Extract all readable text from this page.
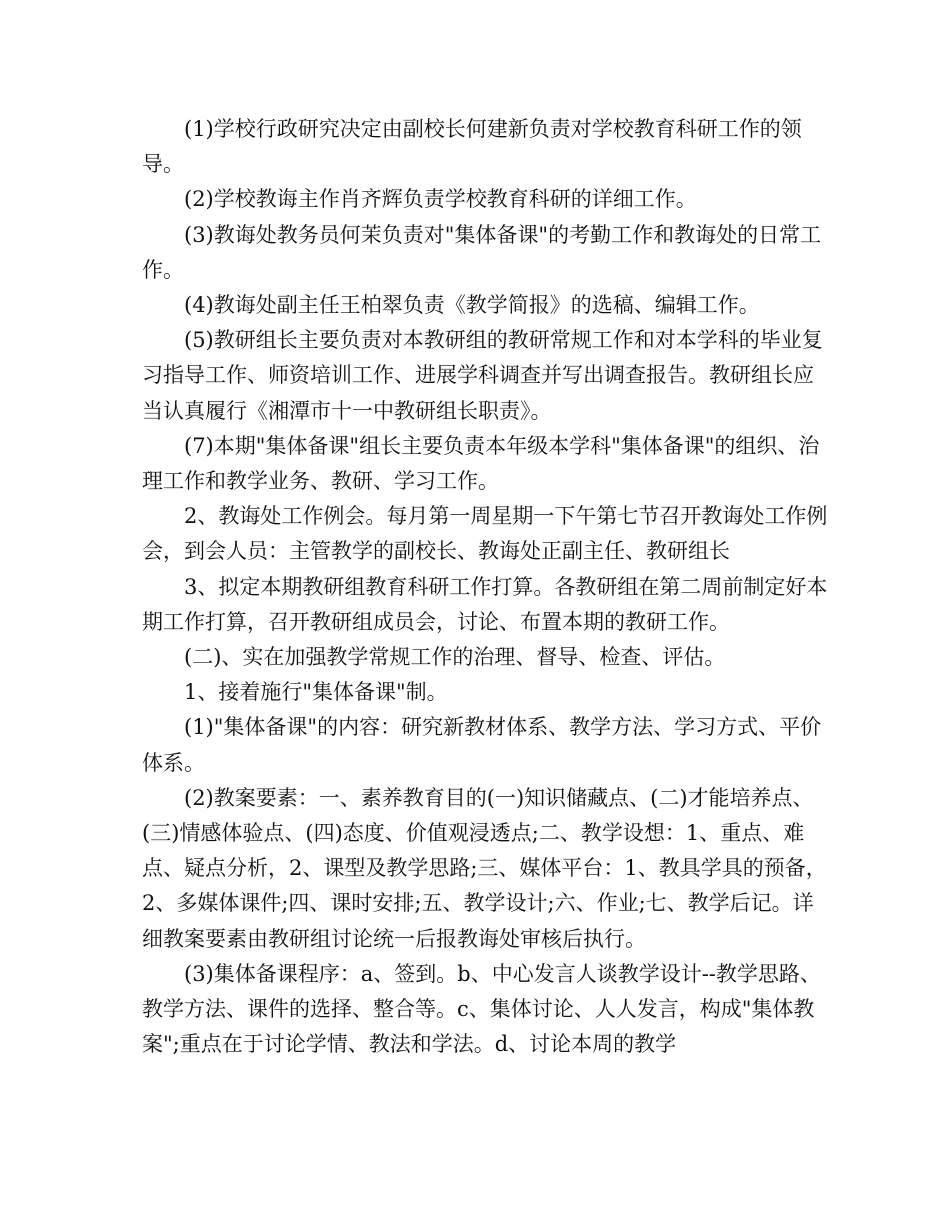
(1)学校行政研究决定由副校长何建新负责对学校教育科研工作的领导。

(2)学校教诲主作肖齐辉负责学校教育科研的详细工作。

(3)教诲处教务员何茉负责对"集体备课"的考勤工作和教诲处的日常工作。

(4)教诲处副主任王柏翠负责《教学简报》的选稿、编辑工作。

(5)教研组长主要负责对本教研组的教研常规工作和对本学科的毕业复习指导工作、师资培训工作、进展学科调查并写出调查报告。教研组长应当认真履行《湘潭市十一中教研组长职责》。

(7)本期"集体备课"组长主要负责本年级本学科"集体备课"的组织、治理工作和教学业务、教研、学习工作。

2、教诲处工作例会。每月第一周星期一下午第七节召开教诲处工作例会，到会人员：主管教学的副校长、教诲处正副主任、教研组长

3、拟定本期教研组教育科研工作打算。各教研组在第二周前制定好本期工作打算，召开教研组成员会，讨论、布置本期的教研工作。

(二)、实在加强教学常规工作的治理、督导、检查、评估。

1、接着施行"集体备课"制。

(1)"集体备课"的内容：研究新教材体系、教学方法、学习方式、平价体系。

(2)教案要素：一、素养教育目的(一)知识储藏点、(二)才能培养点、(三)情感体验点、(四)态度、价值观浸透点;二、教学设想：1、重点、难点、疑点分析，2、课型及教学思路;三、媒体平台：1、教具学具的预备，2、多媒体课件;四、课时安排;五、教学设计;六、作业;七、教学后记。详细教案要素由教研组讨论统一后报教诲处审核后执行。

(3)集体备课程序：a、签到。b、中心发言人谈教学设计--教学思路、教学方法、课件的选择、整合等。c、集体讨论、人人发言，构成"集体教案";重点在于讨论学情、教法和学法。d、讨论本周的教学
